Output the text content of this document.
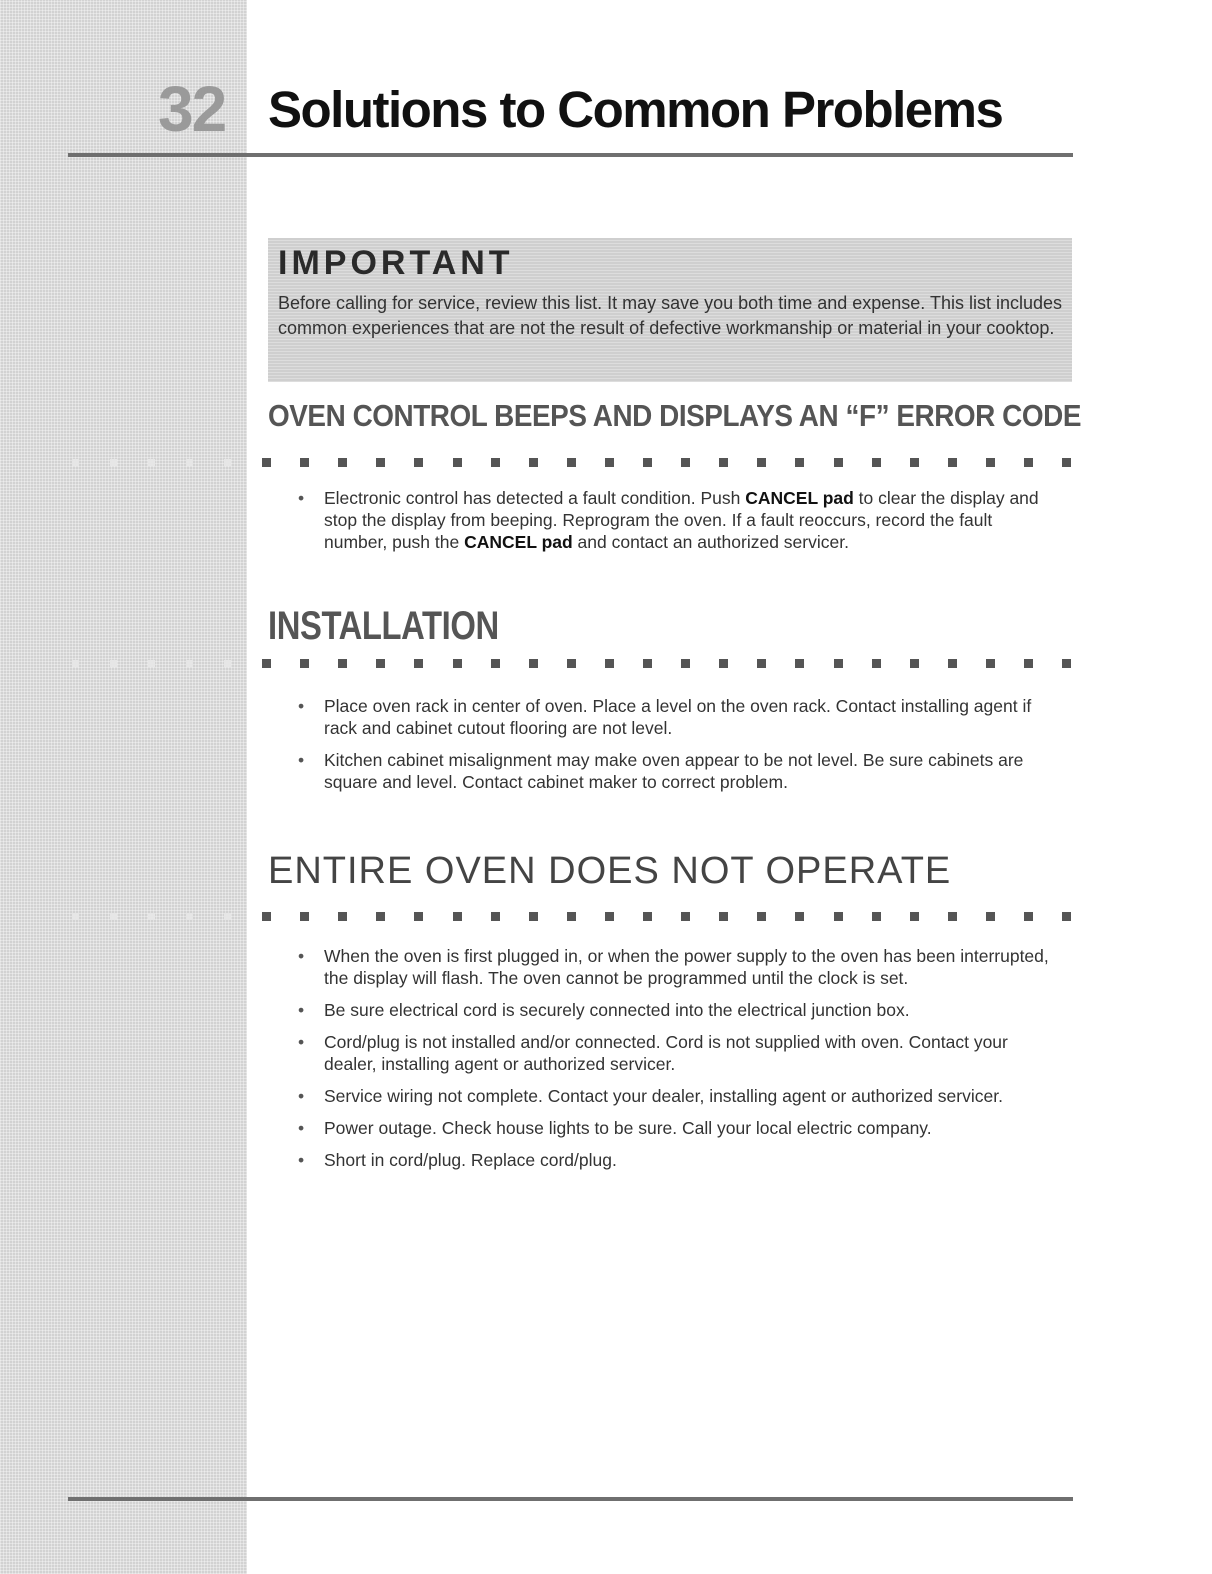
32 Solutions to Common Problems
IMPORTANT
Before calling for service, review this list. It may save you both time and expense. This list includes common experiences that are not the result of defective workmanship or material in your cooktop.
OVEN CONTROL BEEPS AND DISPLAYS AN “F” ERROR CODE
• Electronic control has detected a fault condition. Push CANCEL pad to clear the display and stop the display from beeping. Reprogram the oven. If a fault reoccurs, record the fault number, push the CANCEL pad and contact an authorized servicer.
INSTALLATION
• Place oven rack in center of oven. Place a level on the oven rack. Contact installing agent if rack and cabinet cutout flooring are not level.
• Kitchen cabinet misalignment may make oven appear to be not level. Be sure cabinets are square and level. Contact cabinet maker to correct problem.
ENTIRE OVEN DOES NOT OPERATE
• When the oven is first plugged in, or when the power supply to the oven has been interrupted, the display will flash. The oven cannot be programmed until the clock is set.
• Be sure electrical cord is securely connected into the electrical junction box.
• Cord/plug is not installed and/or connected. Cord is not supplied with oven. Contact your dealer, installing agent or authorized servicer.
• Service wiring not complete. Contact your dealer, installing agent or authorized servicer.
• Power outage. Check house lights to be sure. Call your local electric company.
• Short in cord/plug. Replace cord/plug.
